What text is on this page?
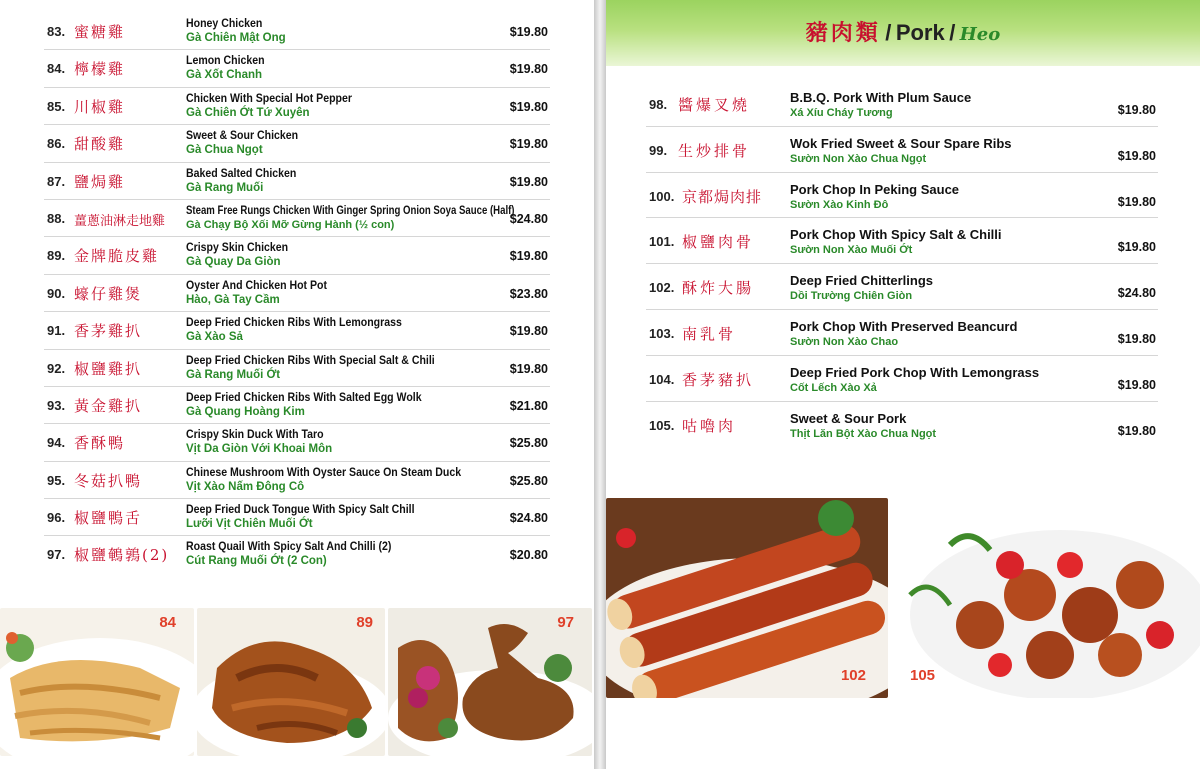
83. 蜜糖雞	Honey Chicken
Gà Chiên Mật Ong	$19.80
84. 檸檬雞	Lemon Chicken
Gà Xốt Chanh	$19.80
85. 川椒雞	Chicken With Special Hot Pepper
Gà Chiên Ớt Tứ Xuyên	$19.80
86. 甜酸雞	Sweet & Sour Chicken
Gà Chua Ngọt	$19.80
87. 鹽焗雞	Baked Salted Chicken
Gà Rang Muối	$19.80
88. 薑蔥油淋走地雞
Steam Free Rungs Chicken With Ginger Spring Onion Soya Sauce (Half)
Gà Chạy Bộ Xối Mỡ Gừng Hành (½ con)	$24.80
89. 金牌脆皮雞 Crispy Skin Chicken
Gà Quay Da Giòn	$19.80
90. 蠔仔雞煲	Oyster And Chicken Hot Pot
Hào, Gà Tay Cầm	$23.80
91. 香茅雞扒	Deep Fried Chicken Ribs With Lemongrass
Gà Xào Sả	$19.80
92. 椒鹽雞扒	Deep Fried Chicken Ribs With Special Salt & Chili
Gà Rang Muối Ớt	$19.80
93. 黃金雞扒	Deep Fried Chicken Ribs With Salted Egg Wolk
Gà Quang Hoàng Kim	$21.80
94. 香酥鴨	Crispy Skin Duck With Taro
Vịt Da Giòn Với Khoai Môn	$25.80
95. 冬菇扒鴨	Chinese Mushroom With Oyster Sauce On Steam Duck
Vịt Xào Nấm Đông Cô	$25.80
96. 椒鹽鴨舌	Deep Fried Duck Tongue With Spicy Salt Chill
Lưỡi Vịt Chiên Muối Ớt	$24.80
97. 椒鹽鵪鶉(2) Roast Quail With Spicy Salt And Chilli (2)
Cút Rang Muối Ớt (2 Con)	$20.80
84	89	97
豬肉類 / Pork / Heo
98. 醬爆叉燒	B.B.Q. Pork With Plum Sauce
Xá Xíu Cháy Tương	$19.80
99. 生炒排骨	Wok Fried Sweet & Sour Spare Ribs
Sườn Non Xào Chua Ngọt	$19.80
100. 京都焗肉排 Pork Chop In Peking Sauce
Sườn Xào Kinh Đô	$19.80
101. 椒鹽肉骨	Pork Chop With Spicy Salt & Chilli
Sườn Non Xào Muối Ớt	$19.80
102. 酥炸大腸	Deep Fried Chitterlings
Dồi Trường Chiên Giòn	$24.80
103. 南乳骨	Pork Chop With Preserved Beancurd
Sườn Non Xào Chao	$19.80
104. 香茅豬扒	Deep Fried Pork Chop With Lemongrass
Cốt Lếch Xào Xả	$19.80
105. 咕嚕肉	Sweet & Sour Pork
Thịt Lăn Bột Xào Chua Ngọt	$19.80
102	105
